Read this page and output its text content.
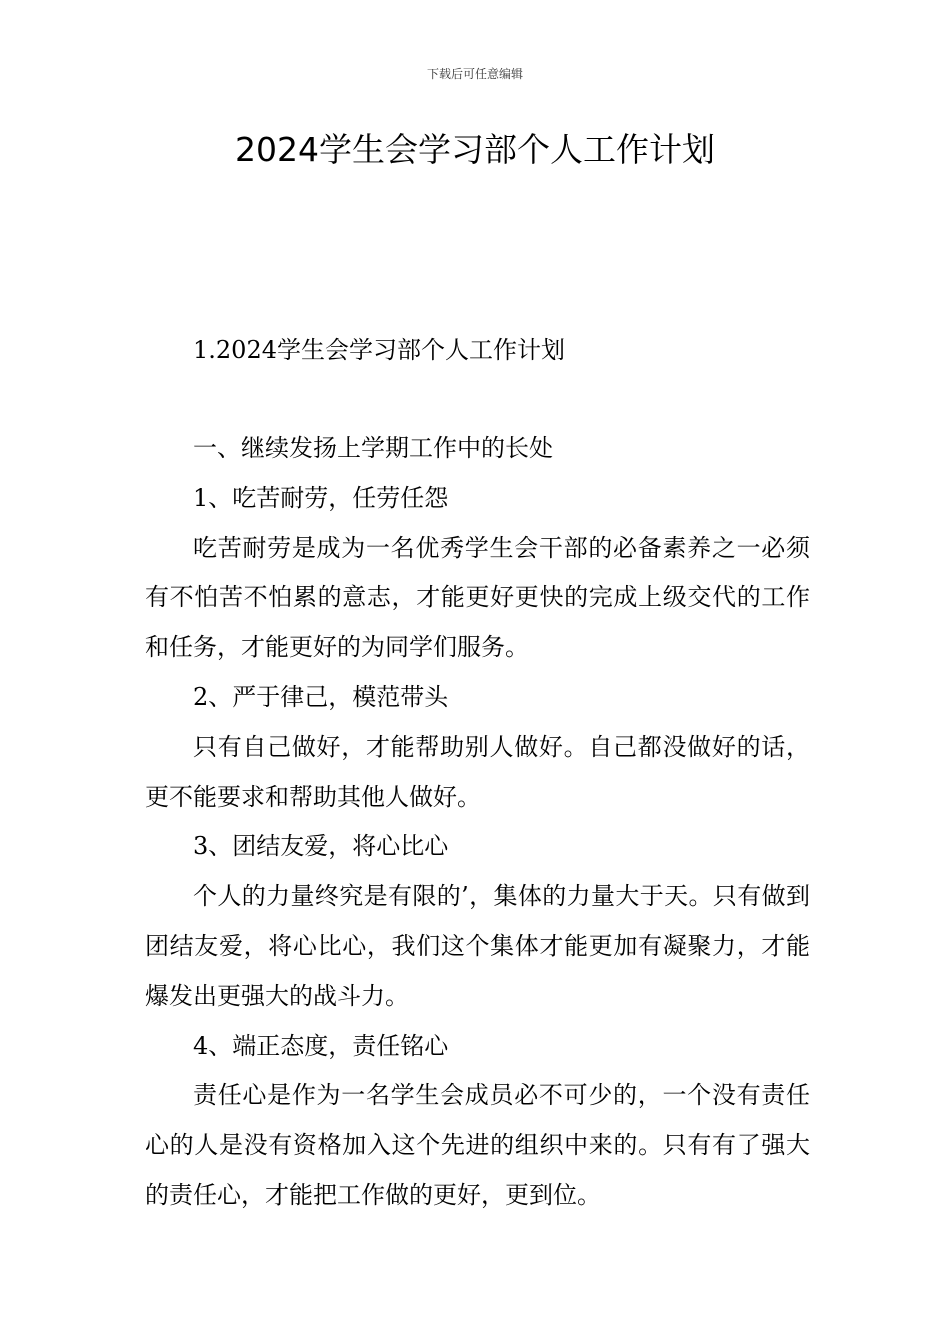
下载后可任意编辑
2024学生会学习部个人工作计划

1.2024学生会学习部个人工作计划

一、继续发扬上学期工作中的长处

1、吃苦耐劳，任劳任怨

吃苦耐劳是成为一名优秀学生会干部的必备素养之一必须有不怕苦不怕累的意志，才能更好更快的完成上级交代的工作和任务，才能更好的为同学们服务。

2、严于律己，模范带头

只有自己做好，才能帮助别人做好。自己都没做好的话，更不能要求和帮助其他人做好。

3、团结友爱，将心比心

个人的力量终究是有限的’，集体的力量大于天。只有做到团结友爱，将心比心，我们这个集体才能更加有凝聚力，才能爆发出更强大的战斗力。

4、端正态度，责任铭心

责任心是作为一名学生会成员必不可少的，一个没有责任心的人是没有资格加入这个先进的组织中来的。只有有了强大的责任心，才能把工作做的更好，更到位。
